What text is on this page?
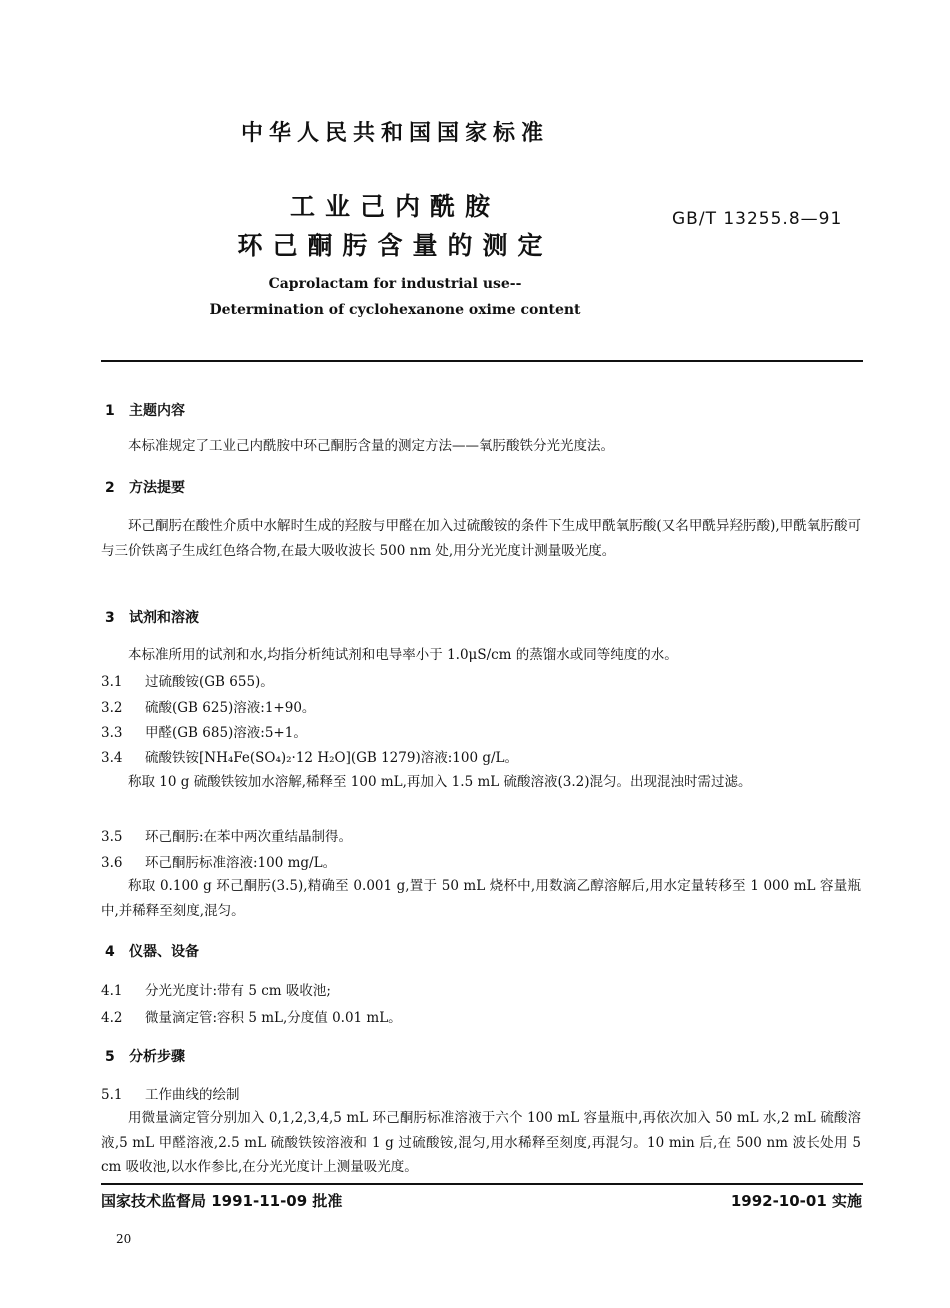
中华人民共和国国家标准

工业己内酰胺

环己酮肟含量的测定

GB/T 13255.8—91

Caprolactam for industrial use--

Determination of cyclohexanone oxime content

1 主题内容

本标准规定了工业己内酰胺中环己酮肟含量的测定方法——氧肟酸铁分光光度法。

2 方法提要

环己酮肟在酸性介质中水解时生成的羟胺与甲醛在加入过硫酸铵的条件下生成甲酰氧肟酸(又名甲酰异羟肟酸),甲酰氧肟酸可与三价铁离子生成红色络合物,在最大吸收波长 500 nm 处,用分光光度计测量吸光度。

3 试剂和溶液

本标准所用的试剂和水,均指分析纯试剂和电导率小于 1.0μS/cm 的蒸馏水或同等纯度的水。

3.1 过硫酸铵(GB 655)。

3.2 硫酸(GB 625)溶液:1+90。

3.3 甲醛(GB 685)溶液:5+1。

3.4 硫酸铁铵[NH₄Fe(SO₄)₂·12 H₂O](GB 1279)溶液:100 g/L。

称取 10 g 硫酸铁铵加水溶解,稀释至 100 mL,再加入 1.5 mL 硫酸溶液(3.2)混匀。出现混浊时需过滤。

3.5 环己酮肟:在苯中两次重结晶制得。

3.6 环己酮肟标准溶液:100 mg/L。

称取 0.100 g 环己酮肟(3.5),精确至 0.001 g,置于 50 mL 烧杯中,用数滴乙醇溶解后,用水定量转移至 1 000 mL 容量瓶中,并稀释至刻度,混匀。

4 仪器、设备

4.1 分光光度计:带有 5 cm 吸收池;

4.2 微量滴定管:容积 5 mL,分度值 0.01 mL。

5 分析步骤

5.1 工作曲线的绘制

用微量滴定管分别加入 0,1,2,3,4,5 mL 环己酮肟标准溶液于六个 100 mL 容量瓶中,再依次加入 50 mL 水,2 mL 硫酸溶液,5 mL 甲醛溶液,2.5 mL 硫酸铁铵溶液和 1 g 过硫酸铵,混匀,用水稀释至刻度,再混匀。10 min 后,在 500 nm 波长处用 5 cm 吸收池,以水作参比,在分光光度计上测量吸光度。

国家技术监督局 1991-11-09 批准	1992-10-01 实施

20
